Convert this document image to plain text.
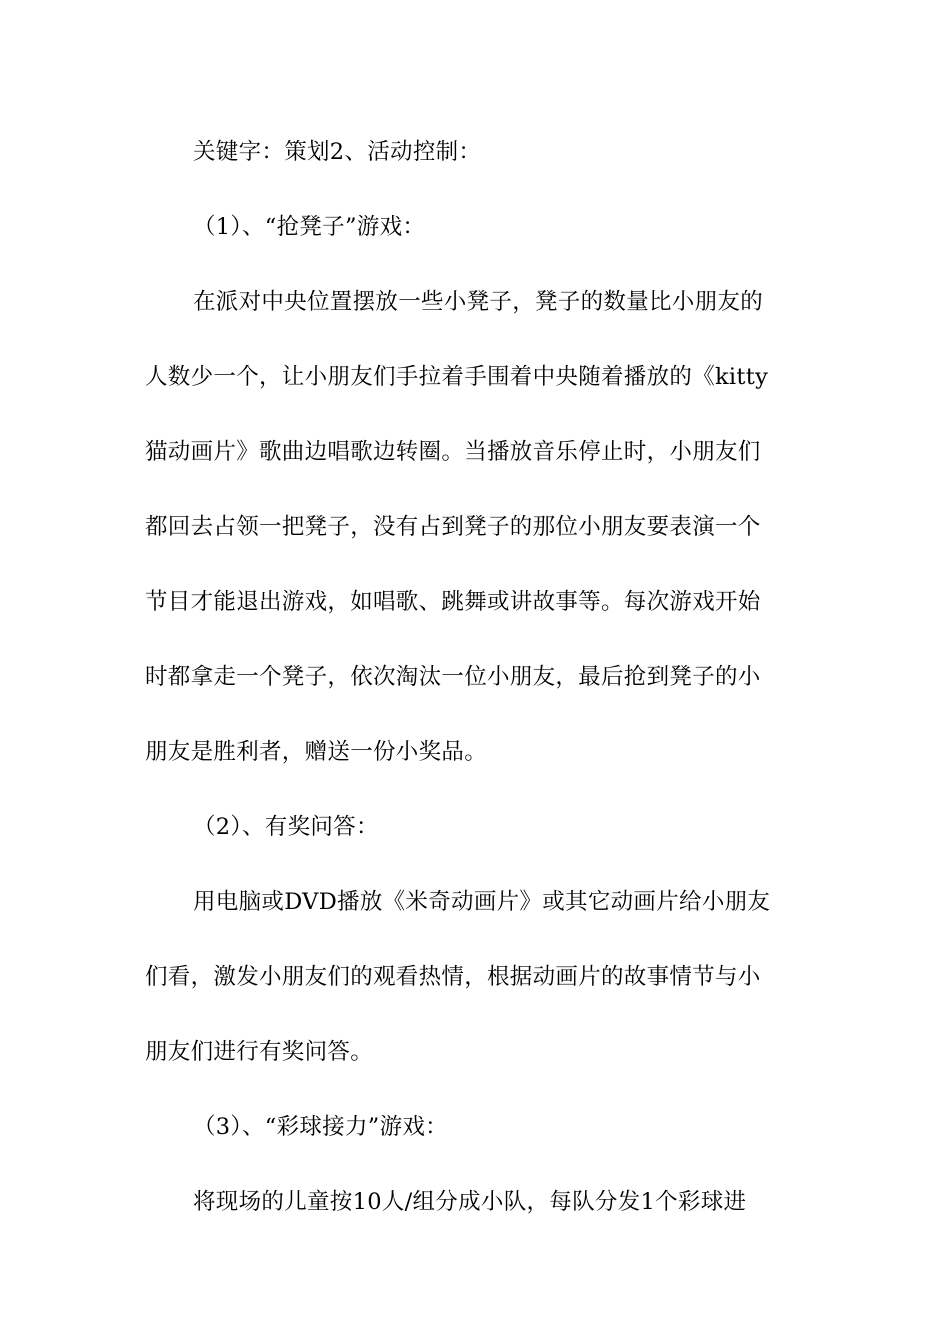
关键字：策划2、活动控制：
（1）、“抢凳子”游戏：
在派对中央位置摆放一些小凳子，凳子的数量比小朋友的
人数少一个，让小朋友们手拉着手围着中央随着播放的《kitty
猫动画片》歌曲边唱歌边转圈。当播放音乐停止时，小朋友们
都回去占领一把凳子，没有占到凳子的那位小朋友要表演一个
节目才能退出游戏，如唱歌、跳舞或讲故事等。每次游戏开始
时都拿走一个凳子，依次淘汰一位小朋友，最后抢到凳子的小
朋友是胜利者，赠送一份小奖品。
（2）、有奖问答：
用电脑或DVD播放《米奇动画片》或其它动画片给小朋友
们看，激发小朋友们的观看热情，根据动画片的故事情节与小
朋友们进行有奖问答。
（3）、“彩球接力”游戏：
将现场的儿童按10人/组分成小队，每队分发1个彩球进
